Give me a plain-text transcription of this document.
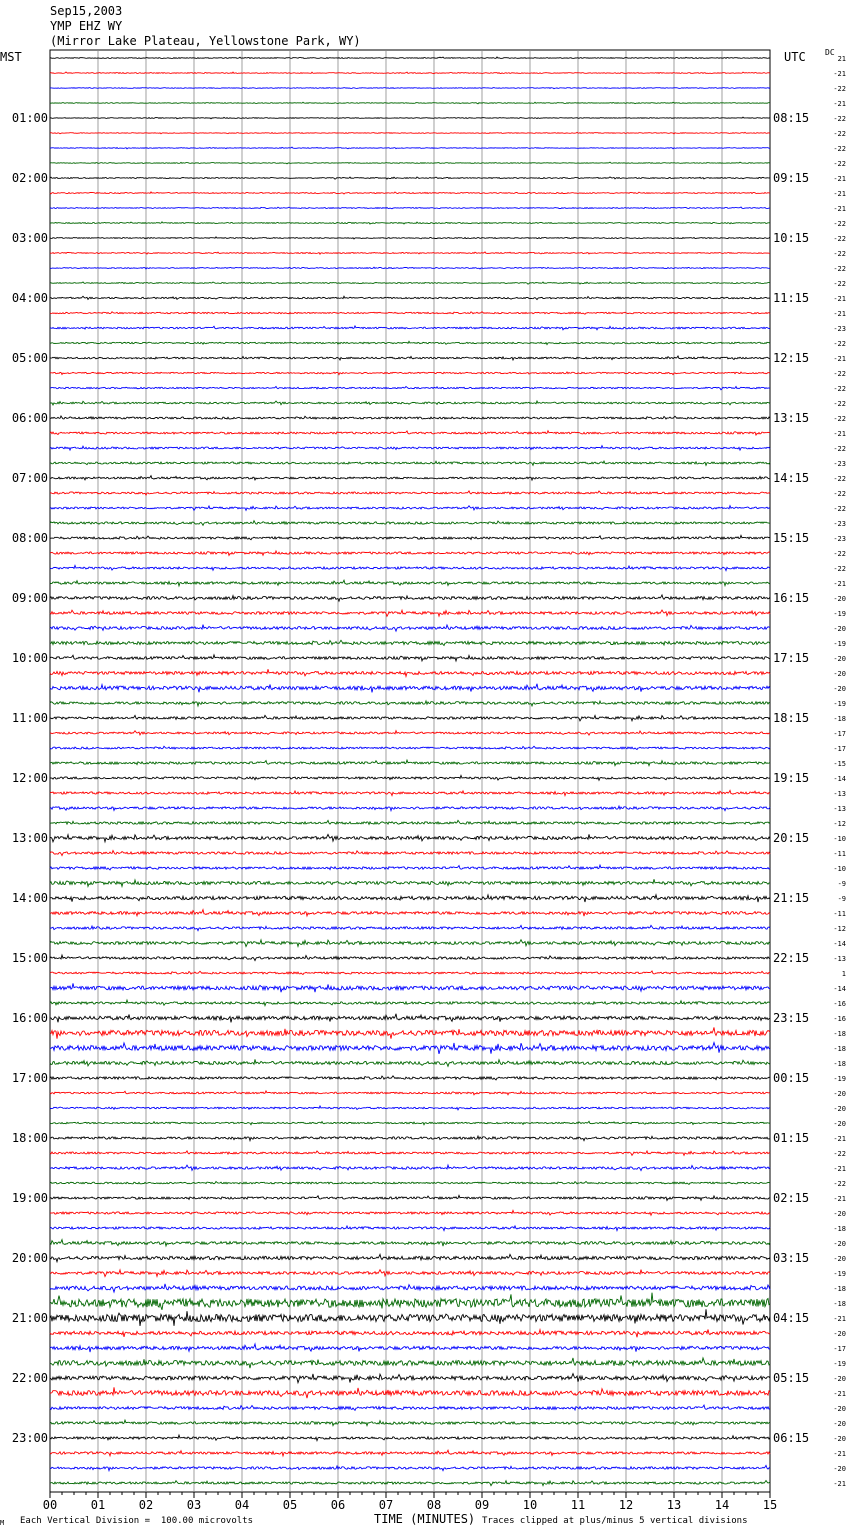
00	01	02	03	04	05	06	07	08	09	10	11	12	13	14	15
01:00
02:00
03:00
04:00
05:00
06:00
07:00
08:00
09:00
10:00
11:00
12:00
13:00
14:00
15:00
16:00
17:00
18:00
19:00
20:00
21:00
22:00
23:00
08:15
09:15
10:15
11:15
12:15
13:15
14:15
15:15
16:15
17:15
18:15
19:15
20:15
21:15
22:15
23:15
00:15
01:15
02:15
03:15
04:15
05:15
06:15
21
-21
-22
-21
-22
-22
-22
-22
-21
-21
-21
-22
-22
-22
-22
-22
-21
-21
-23
-22
-21
-22
-22
-22
-22
-21
-22
-23
-22
-22
-22
-23
-23
-22
-22
-21
-20
-19
-20
-19
-20
-20
-20
-19
-18
-17
-17
-15
-14
-13
-13
-12
-10
-11
-10
-9
-9
-11
-12
-14
-13
1
-14
-16
-16
-18
-18
-18
-19
-20
-20
-20
-21
-22
-21
-22
-21
-20
-18
-20
-20
-19
-18
-18
-21
-20
-17
-19
-20
-21
-20
-20
-20
-21
-20
-21
Sep15,2003
YMP EHZ WY
(Mirror Lake Plateau, Yellowstone Park, WY)
MST	UTC DC
M Each Vertical Division =  100.00 microvolts	TIME (MINUTES) Traces clipped at plus/minus 5 vertical divisions
